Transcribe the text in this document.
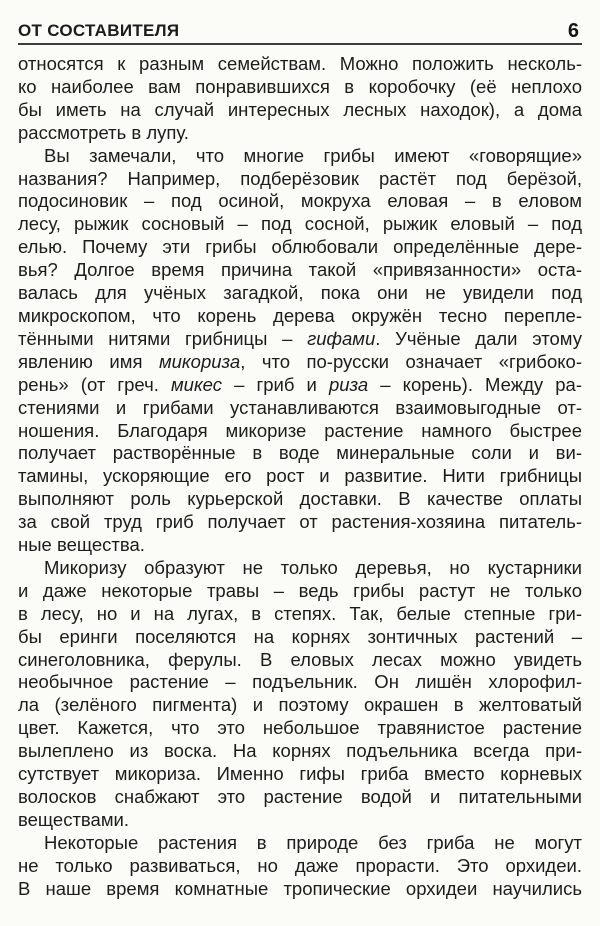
ОТ СОСТАВИТЕЛЯ	6
относятся к разным семействам. Можно положить несколь-
ко наиболее вам понравившихся в коробочку (её неплохо
бы иметь на случай интересных лесных находок), а дома
рассмотреть в лупу.
Вы замечали, что многие грибы имеют «говорящие»
названия? Например, подберёзовик растёт под берёзой,
подосиновик – под осиной, мокруха еловая – в еловом
лесу, рыжик сосновый – под сосной, рыжик еловый – под
елью. Почему эти грибы облюбовали определённые дере-
вья? Долгое время причина такой «привязанности» оста-
валась для учёных загадкой, пока они не увидели под
микроскопом, что корень дерева окружён тесно перепле-
тёнными нитями грибницы – гифами. Учёные дали этому
явлению имя микориза, что по-русски означает «грибоко-
рень» (от греч. микес – гриб и риза – корень). Между ра-
стениями и грибами устанавливаются взаимовыгодные от-
ношения. Благодаря микоризе растение намного быстрее
получает растворённые в воде минеральные соли и ви-
тамины, ускоряющие его рост и развитие. Нити грибницы
выполняют роль курьерской доставки. В качестве оплаты
за свой труд гриб получает от растения-хозяина питатель-
ные вещества.
Микоризу образуют не только деревья, но кустарники
и даже некоторые травы – ведь грибы растут не только
в лесу, но и на лугах, в степях. Так, белые степные гри-
бы еринги поселяются на корнях зонтичных растений –
синеголовника, ферулы. В еловых лесах можно увидеть
необычное растение – подъельник. Он лишён хлорофил-
ла (зелёного пигмента) и поэтому окрашен в желтоватый
цвет. Кажется, что это небольшое травянистое растение
вылеплено из воска. На корнях подъельника всегда при-
сутствует микориза. Именно гифы гриба вместо корневых
волосков снабжают это растение водой и питательными
веществами.
Некоторые растения в природе без гриба не могут
не только развиваться, но даже прорасти. Это орхидеи.
В наше время комнатные тропические орхидеи научились
